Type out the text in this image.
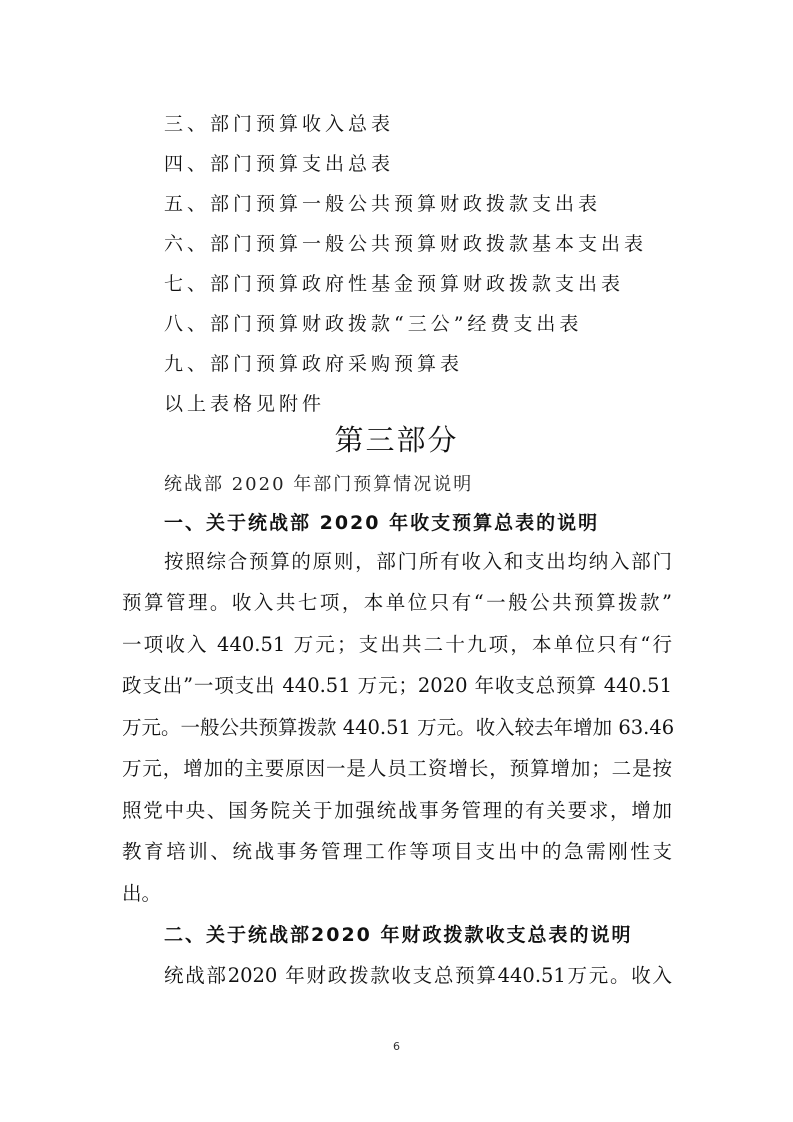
三、部门预算收入总表
四、部门预算支出总表
五、部门预算一般公共预算财政拨款支出表
六、部门预算一般公共预算财政拨款基本支出表
七、部门预算政府性基金预算财政拨款支出表
八、部门预算财政拨款“三公”经费支出表
九、部门预算政府采购预算表
以上表格见附件
第三部分
统战部 2020 年部门预算情况说明
一、关于统战部 2020 年收支预算总表的说明
按照综合预算的原则，部门所有收入和支出均纳入部门
预算管理。收入共七项，本单位只有“一般公共预算拨款”
一项收入 440.51 万元；支出共二十九项，本单位只有“行
政支出”一项支出 440.51 万元；2020 年收支总预算 440.51
万元。一般公共预算拨款 440.51 万元。收入较去年增加 63.46
万元，增加的主要原因一是人员工资增长，预算增加；二是按
照党中央、国务院关于加强统战事务管理的有关要求，增加
教育培训、统战事务管理工作等项目支出中的急需刚性支
出。
二、关于统战部2020 年财政拨款收支总表的说明
统战部2020 年财政拨款收支总预算440.51万元。收入
6
